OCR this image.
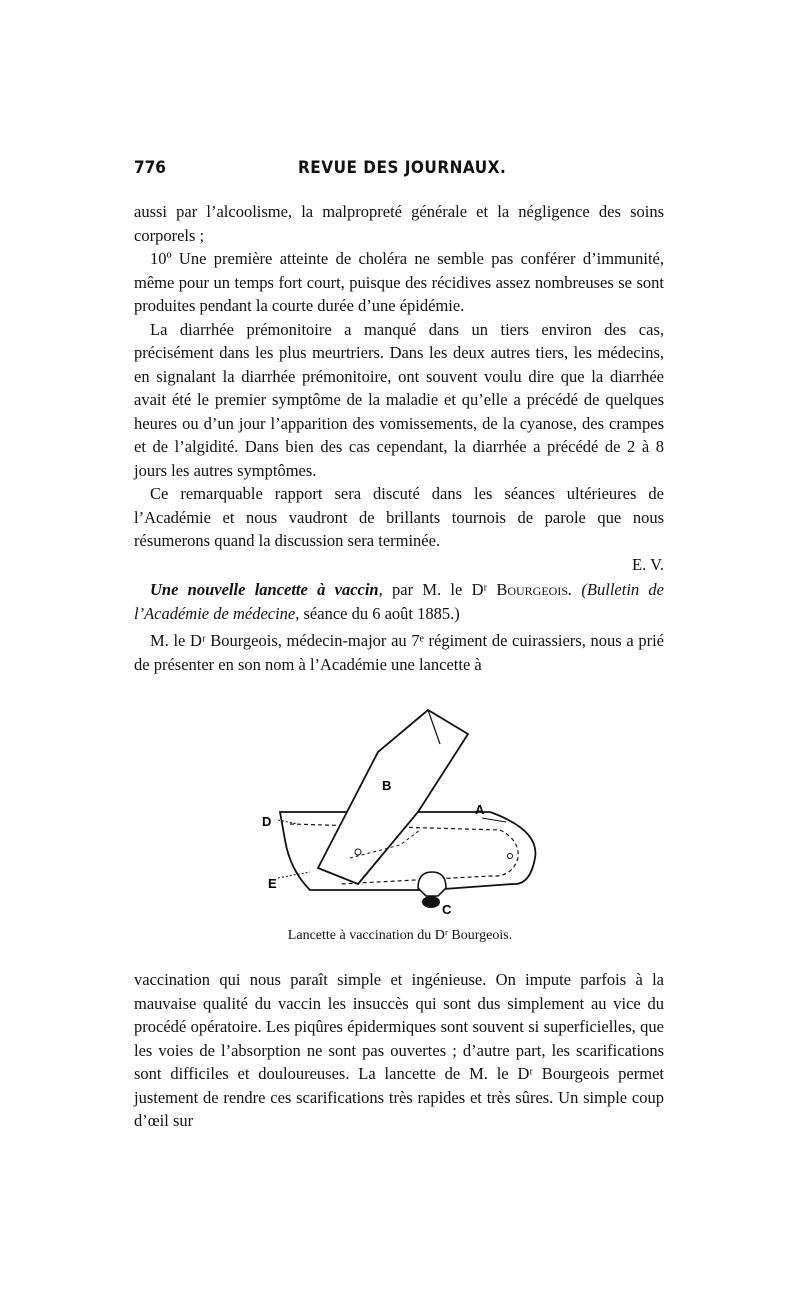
776	REVUE DES JOURNAUX.

aussi par l’alcoolisme, la malpropreté générale et la négligence des soins corporels ;

10º Une première atteinte de choléra ne semble pas conférer d’immunité, même pour un temps fort court, puisque des récidives assez nombreuses se sont produites pendant la courte durée d’une épidémie.

La diarrhée prémonitoire a manqué dans un tiers environ des cas, précisément dans les plus meurtriers. Dans les deux autres tiers, les médecins, en signalant la diarrhée prémonitoire, ont souvent voulu dire que la diarrhée avait été le premier symptôme de la maladie et qu’elle a précédé de quelques heures ou d’un jour l’apparition des vomissements, de la cyanose, des crampes et de l’algidité. Dans bien des cas cependant, la diarrhée a précédé de 2 à 8 jours les autres symptômes.

Ce remarquable rapport sera discuté dans les séances ultérieures de l’Académie et nous vaudront de brillants tournois de parole que nous résumerons quand la discussion sera terminée.

E. V.

Une nouvelle lancette à vaccin, par M. le Dʳ Bourgeois. (Bulletin de l’Académie de médecine, séance du 6 août 1885.)

M. le Dʳ Bourgeois, médecin-major au 7ᵉ régiment de cuirassiers, nous a prié de présenter en son nom à l’Académie une lancette à

B
A
D
E
C
Lancette à vaccination du Dʳ Bourgeois.

vaccination qui nous paraît simple et ingénieuse. On impute parfois à la mauvaise qualité du vaccin les insuccès qui sont dus simplement au vice du procédé opératoire. Les piqûres épidermiques sont souvent si superficielles, que les voies de l’absorption ne sont pas ouvertes ; d’autre part, les scarifications sont difficiles et douloureuses. La lancette de M. le Dʳ Bourgeois permet justement de rendre ces scarifications très rapides et très sûres. Un simple coup d’œil sur
